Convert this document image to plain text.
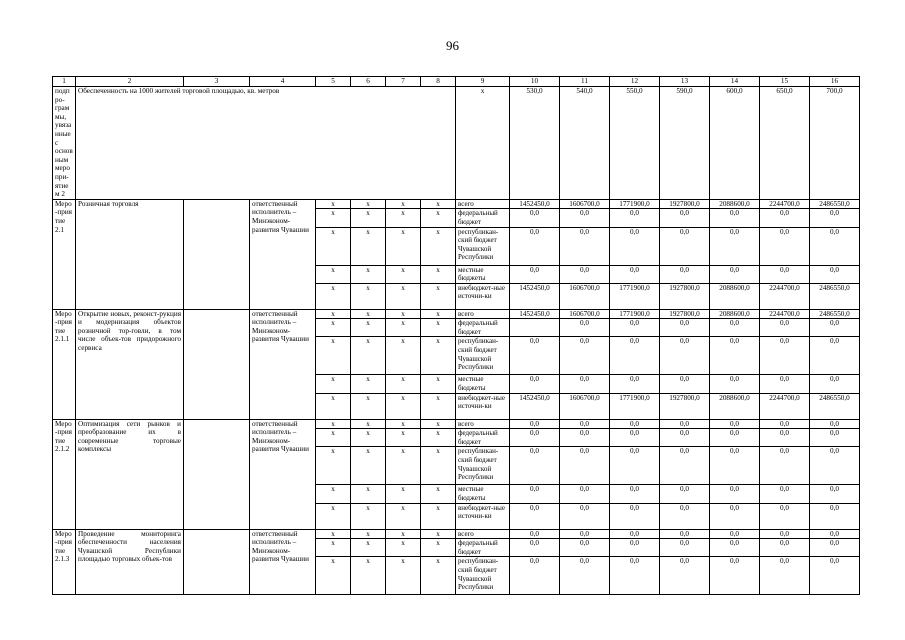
96
1	2	3	4	5	6	7	8	9	10	11	12	13	14	15	16
подпро-граммы, увязанные с основным меропри-ятием 2	Обеспеченность на 1000 жителей торговой площадью, кв. метров							x	530,0	540,0	550,0	590,0	600,0	650,0	700,0
Меро-приятие 2.1	Розничная торговля		ответственный исполнитель – Минэконом-развития Чувашии	x	x	x	x	всего	1452450,0	1606700,0	1771900,0	1927800,0	2088600,0	2244700,0	2486550,0
				x	x	x	x	федеральный бюджет	0,0	0,0	0,0	0,0	0,0	0,0	0,0
				x	x	x	x	республикан-ский бюджет Чувашской Республики	0,0	0,0	0,0	0,0	0,0	0,0	0,0
				x	x	x	x	местные бюджеты	0,0	0,0	0,0	0,0	0,0	0,0	0,0
				x	x	x	x	внебюджет-ные источни-ки	1452450,0	1606700,0	1771900,0	1927800,0	2088600,0	2244700,0	2486550,0
Меро-приятие 2.1.1	Открытие новых, реконст-рукция и модернизация объектов розничной тор-говли, в том числе объек-тов придорожного сервиса		ответственный исполнитель – Минэконом-развития Чувашии	x	x	x	x	всего	1452450,0	1606700,0	1771900,0	1927800,0	2088600,0	2244700,0	2486550,0
				x	x	x	x	федеральный бюджет		0,0	0,0	0,0	0,0	0,0	0,0
				x	x	x	x	республикан-ский бюджет Чувашской Республики	0,0	0,0	0,0	0,0	0,0	0,0	0,0
				x	x	x	x	местные бюджеты	0,0	0,0	0,0	0,0	0,0	0,0	0,0
				x	x	x	x	внебюджет-ные источни-ки	1452450,0	1606700,0	1771900,0	1927800,0	2088600,0	2244700,0	2486550,0
Меро-приятие 2.1.2	Оптимизация сети рынков и преобразование их в современные торговые комплексы		ответственный исполнитель – Минэконом-развития Чувашии	x	x	x	x	всего	0,0	0,0	0,0	0,0	0,0	0,0	0,0
				x	x	x	x	федеральный бюджет	0,0	0,0	0,0	0,0	0,0	0,0	0,0
				x	x	x	x	республикан-ский бюджет Чувашской Республики	0,0	0,0	0,0	0,0	0,0	0,0	0,0
				x	x	x	x	местные бюджеты	0,0	0,0	0,0	0,0	0,0	0,0	0,0
				x	x	x	x	внебюджет-ные источни-ки	0,0	0,0	0,0	0,0	0,0	0,0	0,0
Меро-приятие 2.1.3	Проведение мониторинга обеспеченности населения Чувашской Республики площадью торговых объек-тов		ответственный исполнитель – Минэконом-развития Чувашии	x	x	x	x	всего	0,0	0,0	0,0	0,0	0,0	0,0	0,0
				x	x	x	x	федеральный бюджет	0,0	0,0	0,0	0,0	0,0	0,0	0,0
				x	x	x	x	республикан-ский бюджет Чувашской Республики	0,0	0,0	0,0	0,0	0,0	0,0	0,0
